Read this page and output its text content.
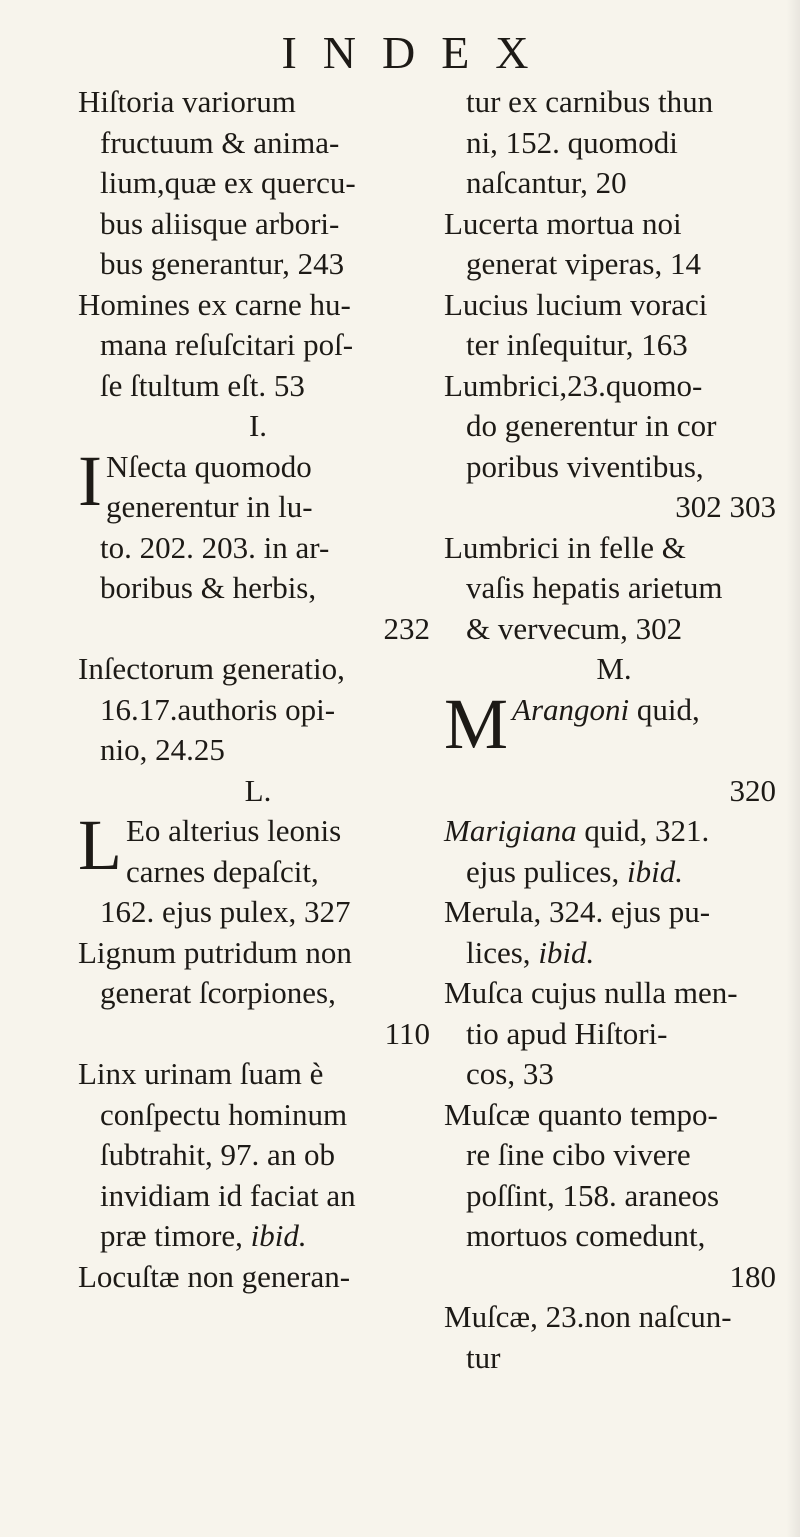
INDEX
Hiſtoria variorum
fructuum & anima-
lium,quæ ex quercu-
bus aliisque arbori-
bus generantur, 243
Homines ex carne hu-
mana reſuſcitari poſ-
ſe ſtultum eſt. 53
I.
I Nſecta quomodo
generentur in lu-
to. 202. 203. in ar-
boribus & herbis,
232
Inſectorum generatio,
16.17.authoris opi-
nio, 24.25
L.
L Eo alterius leonis
carnes depaſcit,
162. ejus pulex, 327
Lignum putridum non
generat ſcorpiones,
110
Linx urinam ſuam è
conſpectu hominum
ſubtrahit, 97. an ob
invidiam id faciat an
præ timore, ibid.
Locuſtæ non generan-
tur ex carnibus thun
ni, 152. quomodi
naſcantur, 20
Lucerta mortua noi
generat viperas, 14
Lucius lucium voraci
ter inſequitur, 163
Lumbrici,23.quomo-
do generentur in cor
poribus viventibus,
302 303
Lumbrici in felle &
vaſis hepatis arietum
& vervecum, 302
M.
M Arangoni quid,
320
Marigiana quid, 321.
ejus pulices, ibid.
Merula, 324. ejus pu-
lices, ibid.
Muſca cujus nulla men-
tio apud Hiſtori-
cos, 33
Muſcæ quanto tempo-
re ſine cibo vivere
poſſint, 158. araneos
mortuos comedunt,
180
Muſcæ, 23.non naſcun-
tur
